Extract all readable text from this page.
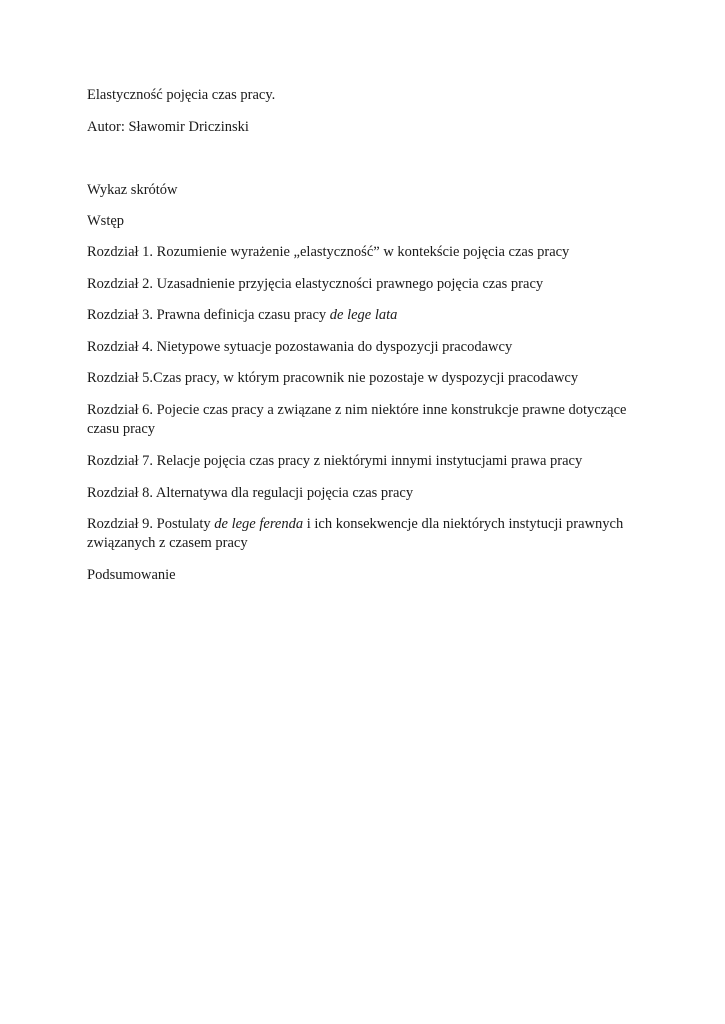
Elastyczność pojęcia czas pracy.

Autor: Sławomir Driczinski

Wykaz skrótów

Wstęp

Rozdział 1. Rozumienie wyrażenie „elastyczność” w kontekście pojęcia czas pracy

Rozdział 2. Uzasadnienie przyjęcia elastyczności prawnego pojęcia czas pracy

Rozdział 3. Prawna definicja czasu pracy de lege lata

Rozdział 4. Nietypowe sytuacje pozostawania do dyspozycji pracodawcy

Rozdział 5.Czas pracy, w którym pracownik nie pozostaje w dyspozycji pracodawcy

Rozdział 6. Pojecie czas pracy a związane z nim niektóre inne konstrukcje prawne dotyczące czasu pracy

Rozdział 7. Relacje pojęcia czas pracy z niektórymi innymi instytucjami prawa pracy

Rozdział 8. Alternatywa dla regulacji pojęcia czas pracy

Rozdział 9. Postulaty de lege ferenda i ich konsekwencje dla niektórych instytucji prawnych związanych z czasem pracy

Podsumowanie
